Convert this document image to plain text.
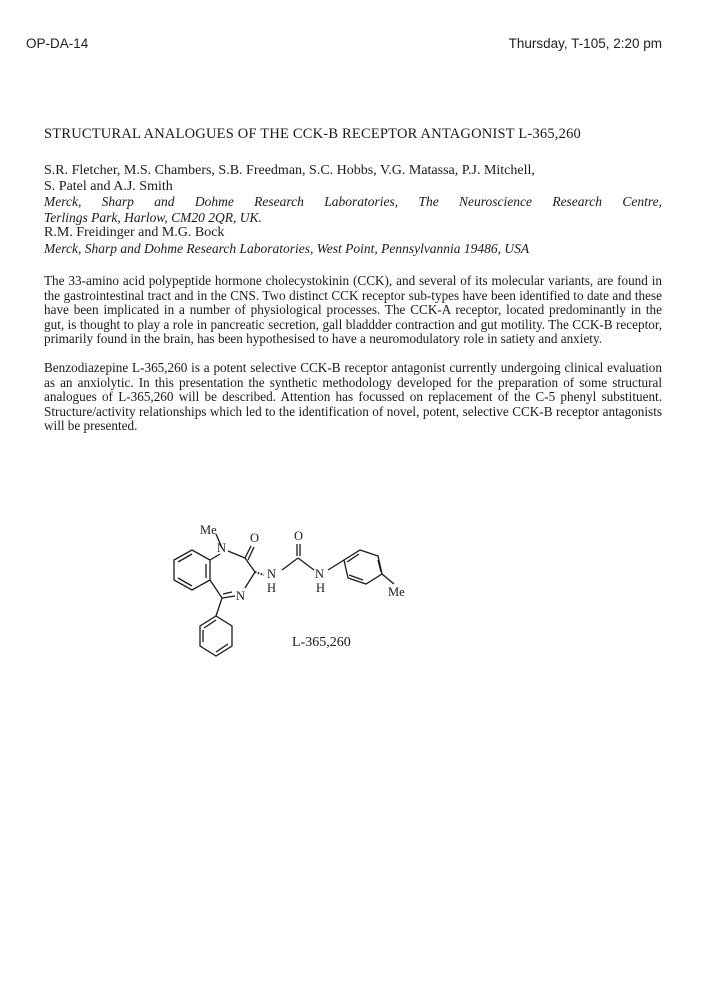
OP-DA-14	Thursday, T-105, 2:20 pm
STRUCTURAL ANALOGUES OF THE CCK-B RECEPTOR ANTAGONIST L-365,260
S.R. Fletcher, M.S. Chambers, S.B. Freedman, S.C. Hobbs, V.G. Matassa, P.J. Mitchell,
S. Patel and A.J. Smith
Merck, Sharp and Dohme Research Laboratories, The Neuroscience Research Centre,
Terlings Park, Harlow, CM20 2QR, UK.
R.M. Freidinger and M.G. Bock
Merck, Sharp and Dohme Research Laboratories, West Point, Pennsylvannia 19486, USA

The 33-amino acid polypeptide hormone cholecystokinin (CCK), and several of its molecular variants, are found in the gastrointestinal tract and in the CNS. Two distinct CCK receptor sub-types have been identified to date and these have been implicated in a number of physiological processes. The CCK-A receptor, located predominantly in the gut, is thought to play a role in pancreatic secretion, gall bladdder contraction and gut motility. The CCK-B receptor, primarily found in the brain, has been hypothesised to have a neuromodulatory role in satiety and anxiety.

Benzodiazepine L-365,260 is a potent selective CCK-B receptor antagonist currently undergoing clinical evaluation as an anxiolytic. In this presentation the synthetic methodology developed for the preparation of some structural analogues of L-365,260 will be described. Attention has focussed on replacement of the C-5 phenyl substituent. Structure/activity relationships which led to the identification of novel, potent, selective CCK-B receptor antagonists will be presented.

Me
N
O	O
N
H
N
H
N	Me
L-365,260
